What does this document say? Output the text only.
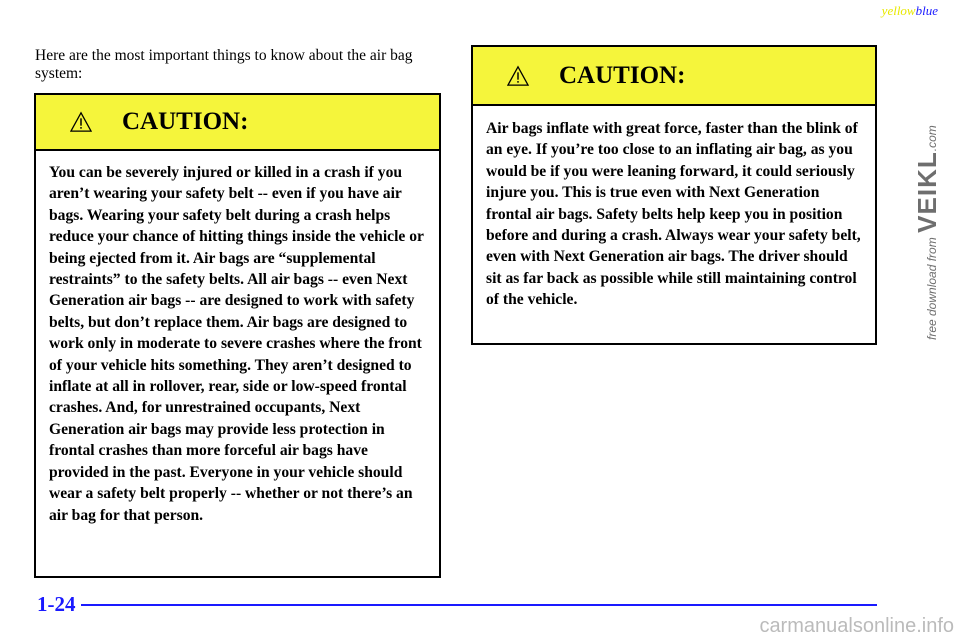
yellowblue

Here are the most important things to know about the air bag system:

CAUTION:

You can be severely injured or killed in a crash if you aren’t wearing your safety belt -- even if you have air bags. Wearing your safety belt during a crash helps reduce your chance of hitting things inside the vehicle or being ejected from it. Air bags are “supplemental restraints” to the safety belts. All air bags -- even Next Generation air bags -- are designed to work with safety belts, but don’t replace them. Air bags are designed to work only in moderate to severe crashes where the front of your vehicle hits something. They aren’t designed to inflate at all in rollover, rear, side or low-speed frontal crashes. And, for unrestrained occupants, Next Generation air bags may provide less protection in frontal crashes than more forceful air bags have provided in the past. Everyone in your vehicle should wear a safety belt properly -- whether or not there’s an air bag for that person.

CAUTION:

Air bags inflate with great force, faster than the blink of an eye. If you’re too close to an inflating air bag, as you would be if you were leaning forward, it could seriously injure you. This is true even with Next Generation frontal air bags. Safety belts help keep you in position before and during a crash. Always wear your safety belt, even with Next Generation air bags. The driver should sit as far back as possible while still maintaining control of the vehicle.

1-24
free download from VEIKL.com
carmanualsonline.info
